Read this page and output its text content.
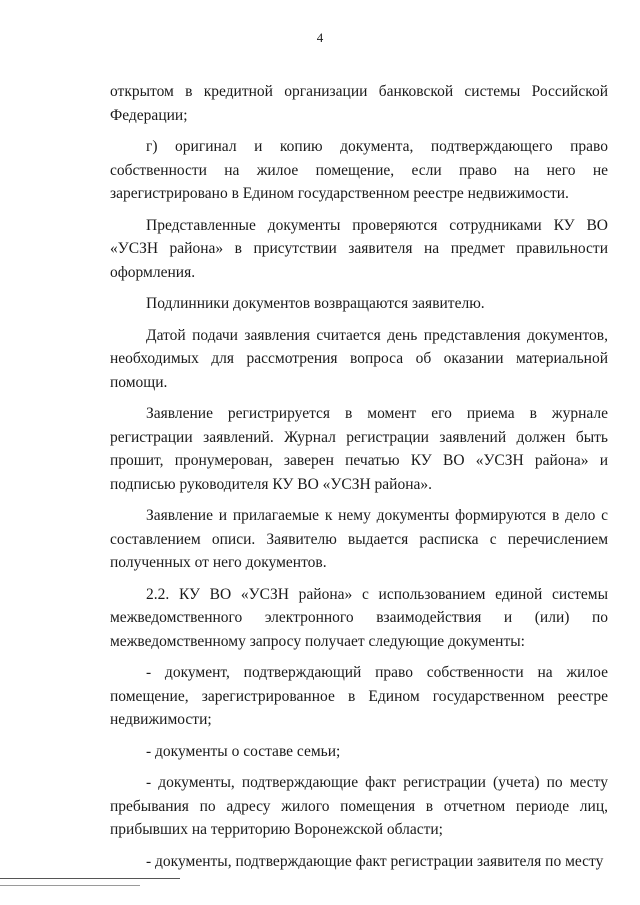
4

открытом в кредитной организации банковской системы Российской Федерации;

г) оригинал и копию документа, подтверждающего право собственности на жилое помещение, если право на него не зарегистрировано в Едином государственном реестре недвижимости.

Представленные документы проверяются сотрудниками КУ ВО «УСЗН района» в присутствии заявителя на предмет правильности оформления.

Подлинники документов возвращаются заявителю.

Датой подачи заявления считается день представления документов, необходимых для рассмотрения вопроса об оказании материальной помощи.

Заявление регистрируется в момент его приема в журнале регистрации заявлений. Журнал регистрации заявлений должен быть прошит, пронумерован, заверен печатью КУ ВО «УСЗН района» и подписью руководителя КУ ВО «УСЗН района».

Заявление и прилагаемые к нему документы формируются в дело с составлением описи. Заявителю выдается расписка с перечислением полученных от него документов.

2.2. КУ ВО «УСЗН района» с использованием единой системы межведомственного электронного взаимодействия и (или) по межведомственному запросу получает следующие документы:

- документ, подтверждающий право собственности на жилое помещение, зарегистрированное в Едином государственном реестре недвижимости;

- документы о составе семьи;

- документы, подтверждающие факт регистрации (учета) по месту пребывания по адресу жилого помещения в отчетном периоде лиц, прибывших на территорию Воронежской области;

- документы, подтверждающие факт регистрации заявителя по месту
